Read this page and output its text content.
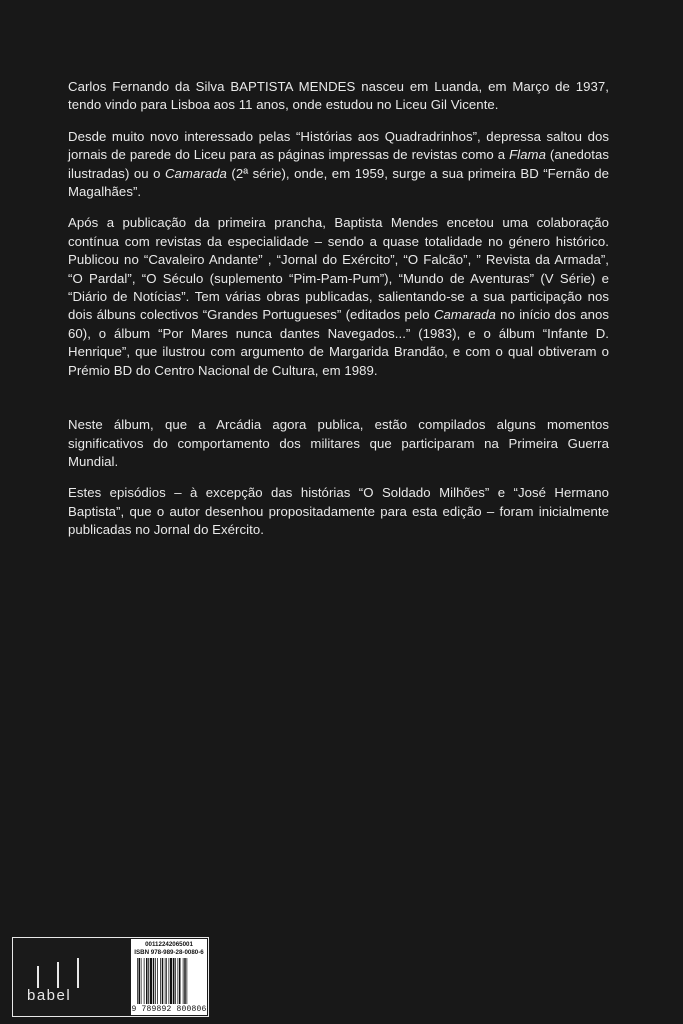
Carlos Fernando da Silva BAPTISTA MENDES nasceu em Luanda, em Março de 1937, tendo vindo para Lisboa aos 11 anos, onde estudou no Liceu Gil Vicente.

Desde muito novo interessado pelas “Histórias aos Quadradrinhos”, depressa saltou dos jornais de parede do Liceu para as páginas impressas de revistas como a Flama (anedotas ilustradas) ou o Camarada (2ª série), onde, em 1959, surge a sua primeira BD “Fernão de Magalhães”.

Após a publicação da primeira prancha, Baptista Mendes encetou uma colaboração contínua com revistas da especialidade – sendo a quase totalidade no género histórico. Publicou no “Cavaleiro Andante” , “Jornal do Exército”, “O Falcão”, ” Revista da Armada”, “O Pardal”, “O Século (suplemento “Pim-Pam-Pum”), “Mundo de Aventuras” (V Série) e “Diário de Notícias”. Tem várias obras publicadas, salientando-se a sua participação nos dois álbuns colectivos “Grandes Portugueses” (editados pelo Camarada no início dos anos 60), o álbum “Por Mares nunca dantes Navegados...” (1983), e o álbum “Infante D. Henrique”, que ilustrou com argumento de Margarida Brandão, e com o qual obtiveram o Prémio BD do Centro Nacional de Cultura, em 1989.

Neste álbum, que a Arcádia agora publica, estão compilados alguns momentos significativos do comportamento dos militares que participaram na Primeira Guerra Mundial.

Estes episódios – à excepção das histórias “O Soldado Milhões” e “José Hermano Baptista”, que o autor desenhou propositadamente para esta edição – foram inicialmente publicadas no Jornal do Exército.

babel
00112242065001
ISBN 978-989-28-0080-6
9 789892 800806
